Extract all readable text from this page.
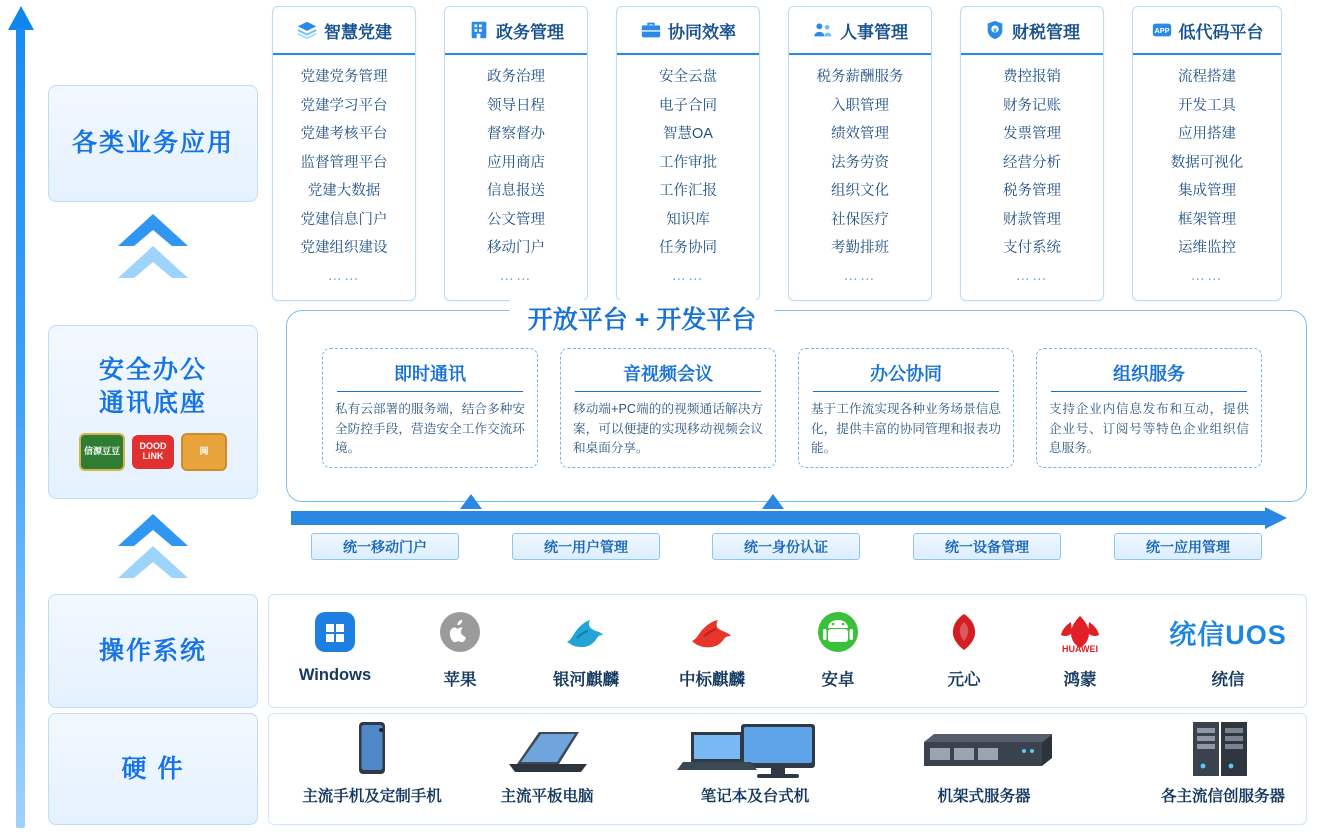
各类业务应用
安全办公
通讯底座
信源豆豆	DOOD LiNK	闽
操作系统
硬 件
智慧党建
党建党务管理
党建学习平台
党建考核平台
监督管理平台
党建大数据
党建信息门户
党建组织建设
……
政务管理
政务治理
领导日程
督察督办
应用商店
信息报送
公文管理
移动门户
……
协同效率
安全云盘
电子合同
智慧OA
工作审批
工作汇报
知识库
任务协同
……
人事管理
税务薪酬服务
入职管理
绩效管理
法务劳资
组织文化
社保医疗
考勤排班
……
¥ 财税管理
费控报销
财务记账
发票管理
经营分析
税务管理
财款管理
支付系统
……
APP 低代码平台
流程搭建
开发工具
应用搭建
数据可视化
集成管理
框架管理
运维监控
……
开放平台 + 开发平台
即时通讯
私有云部署的服务端，结合多种安全防控手段，营造安全工作交流环境。
音视频会议
移动端+PC端的的视频通话解决方案，可以便捷的实现移动视频会议和桌面分享。
办公协同
基于工作流实现各种业务场景信息化，提供丰富的协同管理和报表功能。
组织服务
支持企业内信息发布和互动，提供企业号、订阅号等特色企业组织信息服务。
统一移动门户	统一用户管理	统一身份认证	统一设备管理	统一应用管理
Windows	苹果	银河麒麟	中标麒麟	安卓	元心
HUAWEI
鸿蒙
统信UOS
统信
主流手机及定制手机	主流平板电脑	笔记本及台式机	机架式服务器	各主流信创服务器
